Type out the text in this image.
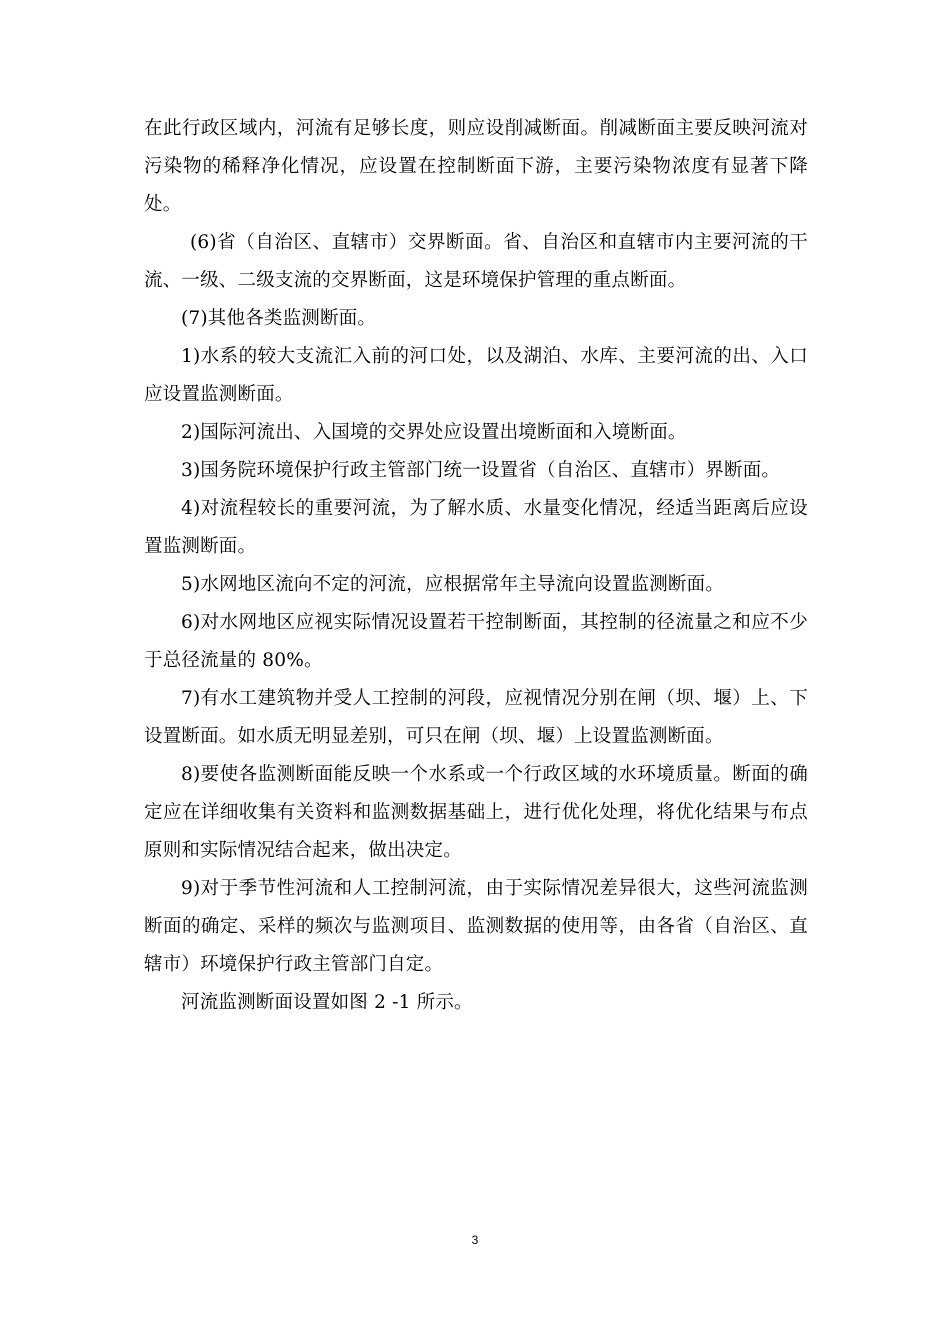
在此行政区域内，河流有足够长度，则应设削减断面。削减断面主要反映河流对污染物的稀释净化情况，应设置在控制断面下游，主要污染物浓度有显著下降处。

(6)省（自治区、直辖市）交界断面。省、自治区和直辖市内主要河流的干流、一级、二级支流的交界断面，这是环境保护管理的重点断面。

(7)其他各类监测断面。

1)水系的较大支流汇入前的河口处，以及湖泊、水库、主要河流的出、入口应设置监测断面。

2)国际河流出、入国境的交界处应设置出境断面和入境断面。

3)国务院环境保护行政主管部门统一设置省（自治区、直辖市）界断面。

4)对流程较长的重要河流，为了解水质、水量变化情况，经适当距离后应设置监测断面。

5)水网地区流向不定的河流，应根据常年主导流向设置监测断面。

6)对水网地区应视实际情况设置若干控制断面，其控制的径流量之和应不少于总径流量的 80%。

7)有水工建筑物并受人工控制的河段，应视情况分别在闸（坝、堰）上、下设置断面。如水质无明显差别，可只在闸（坝、堰）上设置监测断面。

8)要使各监测断面能反映一个水系或一个行政区域的水环境质量。断面的确定应在详细收集有关资料和监测数据基础上，进行优化处理，将优化结果与布点原则和实际情况结合起来，做出决定。

9)对于季节性河流和人工控制河流，由于实际情况差异很大，这些河流监测断面的确定、采样的频次与监测项目、监测数据的使用等，由各省（自治区、直辖市）环境保护行政主管部门自定。

河流监测断面设置如图 2 -1 所示。

3
